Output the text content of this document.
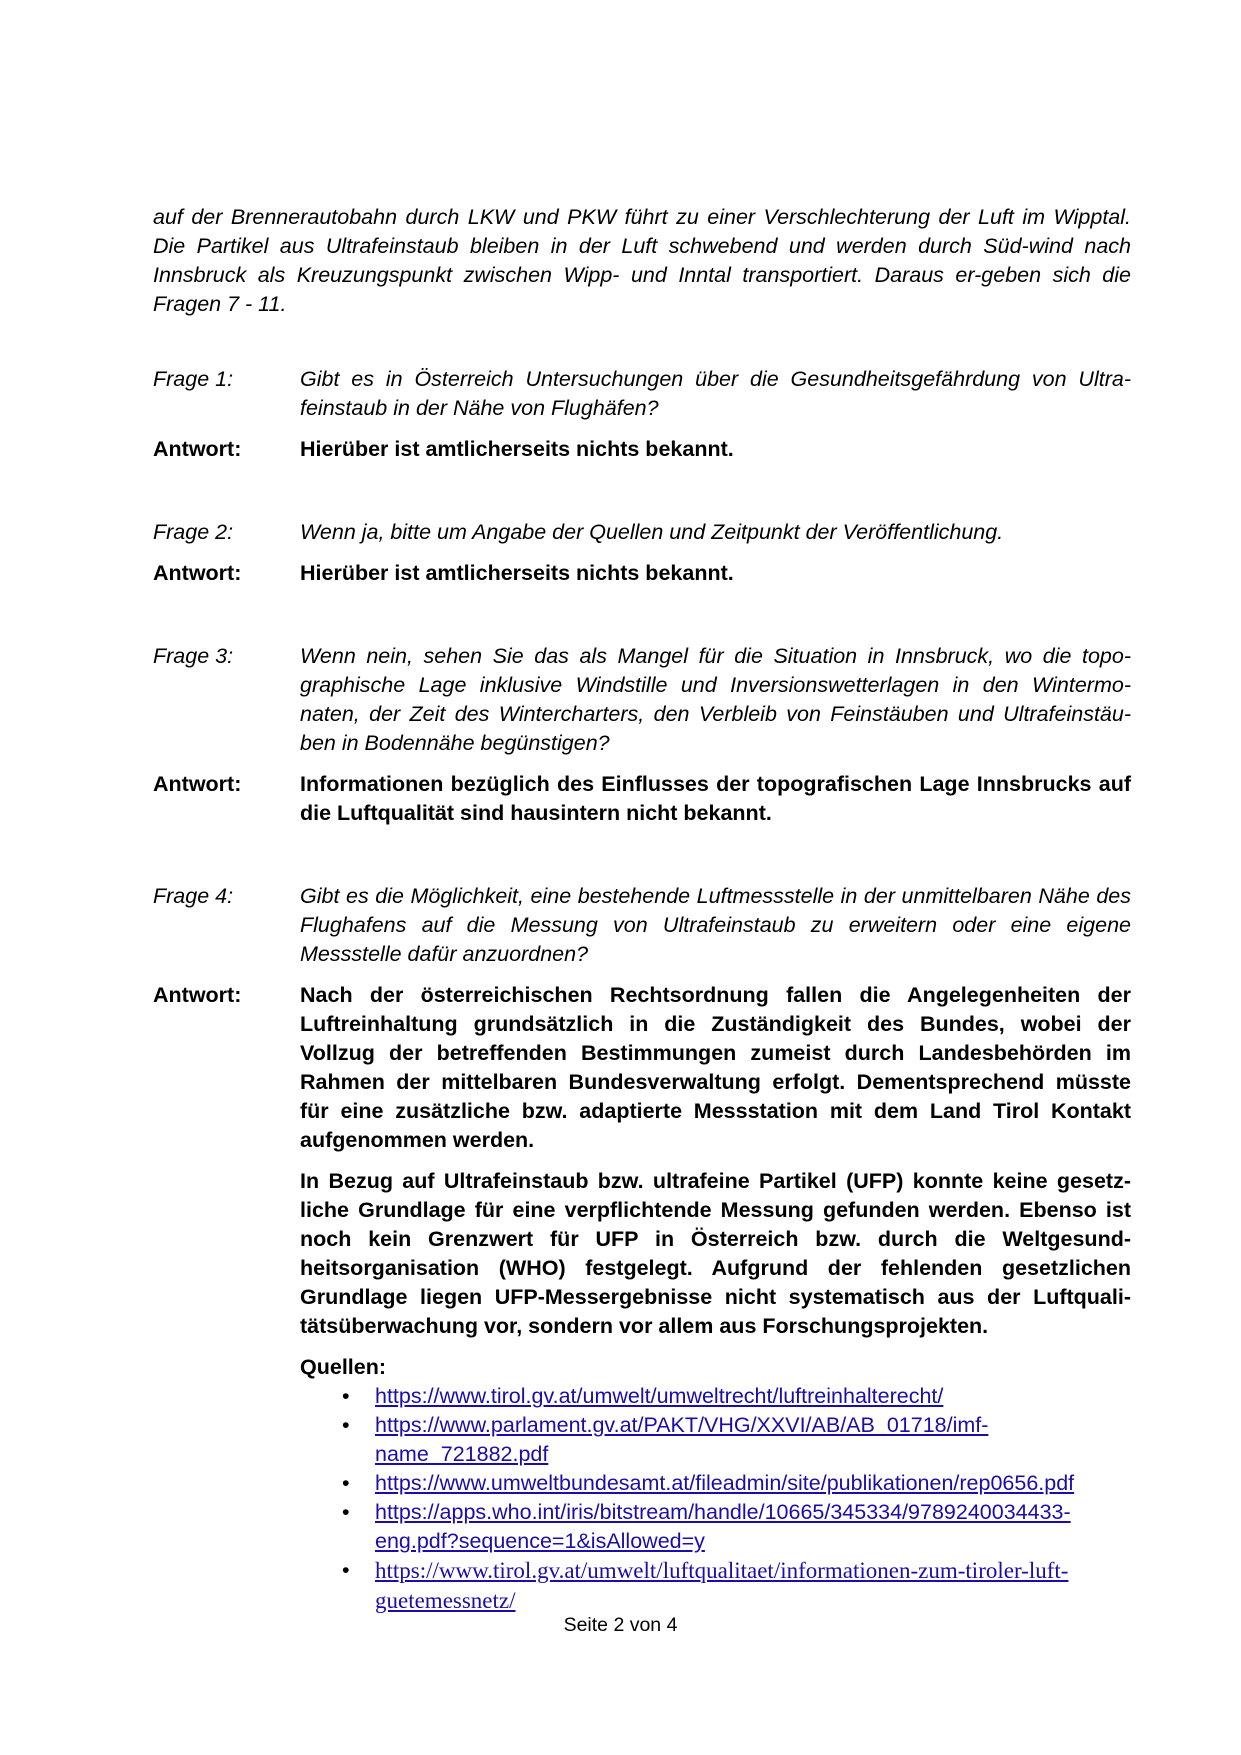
auf der Brennerautobahn durch LKW und PKW führt zu einer Verschlechterung der Luft im Wipptal. Die Partikel aus Ultrafeinstaub bleiben in der Luft schwebend und werden durch Süd-wind nach Innsbruck als Kreuzungspunkt zwischen Wipp- und Inntal transportiert. Daraus er-geben sich die Fragen 7 - 11.

Frage 1:	Gibt es in Österreich Untersuchungen über die Gesundheitsgefährdung von Ultra-feinstaub in der Nähe von Flughäfen?
Antwort:	Hierüber ist amtlicherseits nichts bekannt.
Frage 2:	Wenn ja, bitte um Angabe der Quellen und Zeitpunkt der Veröffentlichung.
Antwort:	Hierüber ist amtlicherseits nichts bekannt.
Frage 3:	Wenn nein, sehen Sie das als Mangel für die Situation in Innsbruck, wo die topo-graphische Lage inklusive Windstille und Inversionswetterlagen in den Wintermo-naten, der Zeit des Wintercharters, den Verbleib von Feinstäuben und Ultrafeinstäu-ben in Bodennähe begünstigen?
Antwort:	Informationen bezüglich des Einflusses der topografischen Lage Innsbrucks auf die Luftqualität sind hausintern nicht bekannt.
Frage 4:	Gibt es die Möglichkeit, eine bestehende Luftmessstelle in der unmittelbaren Nähe des Flughafens auf die Messung von Ultrafeinstaub zu erweitern oder eine eigene Messstelle dafür anzuordnen?
Antwort:	Nach der österreichischen Rechtsordnung fallen die Angelegenheiten der Luftreinhaltung grundsätzlich in die Zuständigkeit des Bundes, wobei der Vollzug der betreffenden Bestimmungen zumeist durch Landesbehörden im Rahmen der mittelbaren Bundesverwaltung erfolgt. Dementsprechend müsste für eine zusätzliche bzw. adaptierte Messstation mit dem Land Tirol Kontakt aufgenommen werden.
In Bezug auf Ultrafeinstaub bzw. ultrafeine Partikel (UFP) konnte keine gesetz-liche Grundlage für eine verpflichtende Messung gefunden werden. Ebenso ist noch kein Grenzwert für UFP in Österreich bzw. durch die Weltgesund-heitsorganisation (WHO) festgelegt. Aufgrund der fehlenden gesetzlichen Grundlage liegen UFP-Messergebnisse nicht systematisch aus der Luftquali-tätsüberwachung vor, sondern vor allem aus Forschungsprojekten.
Quellen:
• https://www.tirol.gv.at/umwelt/umweltrecht/luftreinhalterecht/
• https://www.parlament.gv.at/PAKT/VHG/XXVI/AB/AB_01718/imf-name_721882.pdf
• https://www.umweltbundesamt.at/fileadmin/site/publikationen/rep0656.pdf
• https://apps.who.int/iris/bitstream/handle/10665/345334/9789240034433-eng.pdf?sequence=1&isAllowed=y
• https://www.tirol.gv.at/umwelt/luftqualitaet/informationen-zum-tiroler-luft-guetemessnetz/
Seite 2 von 4
